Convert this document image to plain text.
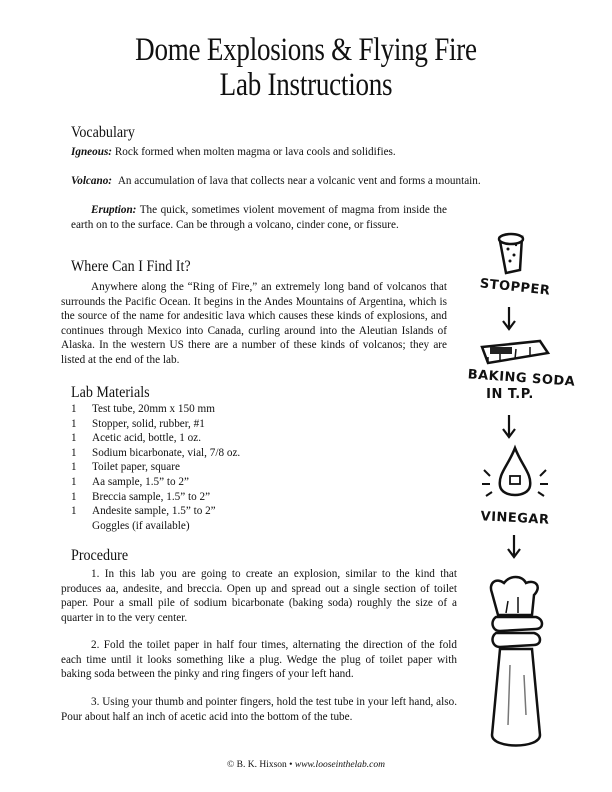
Dome Explosions & Flying Fire
Lab Instructions
Vocabulary
Igneous: Rock formed when molten magma or lava cools and solidifies.
Volcano: An accumulation of lava that collects near a volcanic vent and forms a mountain.
Eruption: The quick, sometimes violent movement of magma from inside the earth on to the surface. Can be through a volcano, cinder cone, or fissure.
Where Can I Find It?
Anywhere along the “Ring of Fire,” an extremely long band of volcanos that surrounds the Pacific Ocean. It begins in the Andes Mountains of Argentina, which is the source of the name for andesitic lava which causes these kinds of explosions, and continues through Mexico into Canada, curling around into the Aleutian Islands of Alaska. In the western US there are a number of these kinds of volcanos; they are listed at the end of the lab.
Lab Materials
1	Test tube, 20mm x 150 mm
1	Stopper, solid, rubber, #1
1	Acetic acid, bottle, 1 oz.
1	Sodium bicarbonate, vial, 7/8 oz.
1	Toilet paper, square
1	Aa sample, 1.5” to 2”
1	Breccia sample, 1.5” to 2”
1	Andesite sample, 1.5” to 2”
Goggles (if available)
Procedure
1. In this lab you are going to create an explosion, similar to the kind that produces aa, andesite, and breccia. Open up and spread out a single section of toilet paper. Pour a small pile of sodium bicarbonate (baking soda) roughly the size of a quarter in to the very center.
2. Fold the toilet paper in half four times, alternating the direction of the fold each time until it looks something like a plug. Wedge the plug of toilet paper with baking soda between the pinky and ring fingers of your left hand.
3. Using your thumb and pointer fingers, hold the test tube in your left hand, also. Pour about half an inch of acetic acid into the bottom of the tube.
STOPPER
BAKING SODA
IN T.P.
VINEGAR
© B. K. Hixson • www.looseinthelab.com
